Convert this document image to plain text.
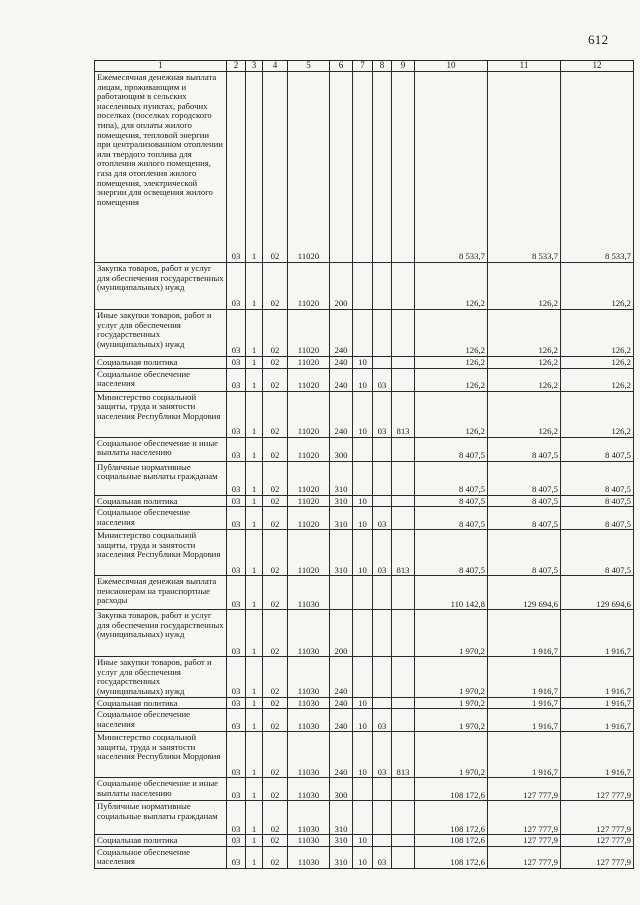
612
1	2	3	4	5	6	7	8	9	10	11	12
Ежемесячная денежная выплата лицам, проживающим и работающим в сельских населенных пунктах, рабочих поселках (поселках городского типа), для оплаты жилого помещения, тепловой энергии при централизованном отоплении или твердого топлива для отопления жилого помещения, газа для отопления жилого помещения, электрической энергии для освещения жилого помещения	03	1	02	11020					8 533,7	8 533,7	8 533,7
Закупка товаров, работ и услуг для обеспечения государственных (муниципальных) нужд	03	1	02	11020	200				126,2	126,2	126,2
Иные закупки товаров, работ и услуг для обеспечения государственных (муниципальных) нужд	03	1	02	11020	240				126,2	126,2	126,2
Социальная политика	03	1	02	11020	240	10			126,2	126,2	126,2
Социальное обеспечение населения	03	1	02	11020	240	10	03		126,2	126,2	126,2
Министерство социальной защиты, труда и занятости населения Республики Мордовия	03	1	02	11020	240	10	03	813	126,2	126,2	126,2
Социальное обеспечение и иные выплаты населению	03	1	02	11020	300				8 407,5	8 407,5	8 407,5
Публичные нормативные социальные выплаты гражданам	03	1	02	11020	310				8 407,5	8 407,5	8 407,5
Социальная политика	03	1	02	11020	310	10			8 407,5	8 407,5	8 407,5
Социальное обеспечение населения	03	1	02	11020	310	10	03		8 407,5	8 407,5	8 407,5
Министерство социальной защиты, труда и занятости населения Республики Мордовия	03	1	02	11020	310	10	03	813	8 407,5	8 407,5	8 407,5
Ежемесячная денежная выплата пенсионерам на транспортные расходы	03	1	02	11030					110 142,8	129 694,6	129 694,6
Закупка товаров, работ и услуг для обеспечения государственных (муниципальных) нужд	03	1	02	11030	200				1 970,2	1 916,7	1 916,7
Иные закупки товаров, работ и услуг для обеспечения государственных (муниципальных) нужд	03	1	02	11030	240				1 970,2	1 916,7	1 916,7
Социальная политика	03	1	02	11030	240	10			1 970,2	1 916,7	1 916,7
Социальное обеспечение населения	03	1	02	11030	240	10	03		1 970,2	1 916,7	1 916,7
Министерство социальной защиты, труда и занятости населения Республики Мордовия	03	1	02	11030	240	10	03	813	1 970,2	1 916,7	1 916,7
Социальное обеспечение и иные выплаты населению	03	1	02	11030	300				108 172,6	127 777,9	127 777,9
Публичные нормативные социальные выплаты гражданам	03	1	02	11030	310				108 172,6	127 777,9	127 777,9
Социальная политика	03	1	02	11030	310	10			108 172,6	127 777,9	127 777,9
Социальное обеспечение населения	03	1	02	11030	310	10	03		108 172,6	127 777,9	127 777,9
